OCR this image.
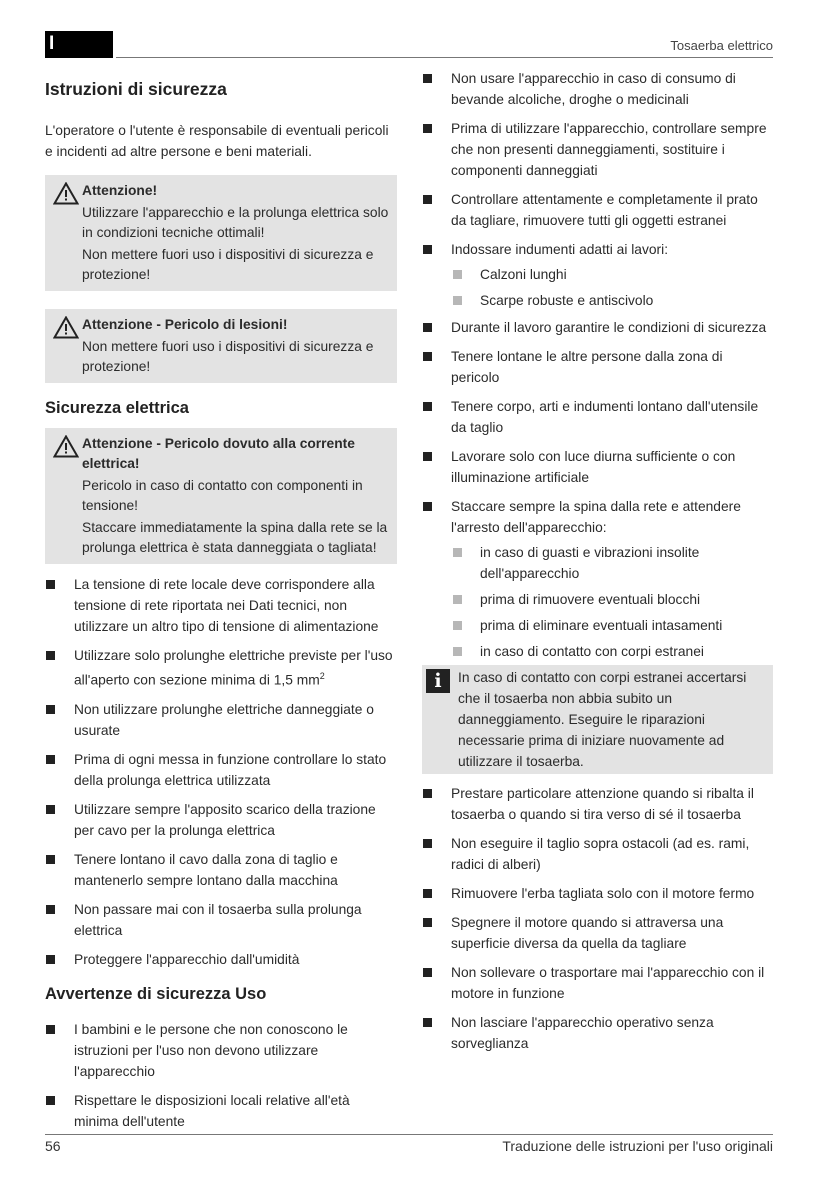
I	Tosaerba elettrico
Istruzioni di sicurezza

L'operatore o l'utente è responsabile di eventuali pericoli e incidenti ad altre persone e beni materiali.

Attenzione!
Utilizzare l'apparecchio e la prolunga elettrica solo in condizioni tecniche ottimali!
Non mettere fuori uso i dispositivi di sicurezza e protezione!
Attenzione - Pericolo di lesioni!
Non mettere fuori uso i dispositivi di sicurezza e protezione!
Sicurezza elettrica
Attenzione - Pericolo dovuto alla corrente elettrica!
Pericolo in caso di contatto con componenti in tensione!
Staccare immediatamente la spina dalla rete se la prolunga elettrica è stata danneggiata o tagliata!
La tensione di rete locale deve corrispondere alla tensione di rete riportata nei Dati tecnici, non utilizzare un altro tipo di tensione di alimentazione
Utilizzare solo prolunghe elettriche previste per l'uso all'aperto con sezione minima di 1,5 $mm^2$
Non utilizzare prolunghe elettriche danneggiate o usurate
Prima di ogni messa in funzione controllare lo stato della prolunga elettrica utilizzata
Utilizzare sempre l'apposito scarico della trazione per cavo per la prolunga elettrica
Tenere lontano il cavo dalla zona di taglio e mantenerlo sempre lontano dalla macchina
Non passare mai con il tosaerba sulla prolunga elettrica
Proteggere l'apparecchio dall'umidità
Avvertenze di sicurezza Uso
I bambini e le persone che non conoscono le istruzioni per l'uso non devono utilizzare l'apparecchio
Rispettare le disposizioni locali relative all'età minima dell'utente
Non usare l'apparecchio in caso di consumo di bevande alcoliche, droghe o medicinali
Prima di utilizzare l'apparecchio, controllare sempre che non presenti danneggiamenti, sostituire i componenti danneggiati
Controllare attentamente e completamente il prato da tagliare, rimuovere tutti gli oggetti estranei
Indossare indumenti adatti ai lavori:
Calzoni lunghi
Scarpe robuste e antiscivolo
Durante il lavoro garantire le condizioni di sicurezza
Tenere lontane le altre persone dalla zona di pericolo
Tenere corpo, arti e indumenti lontano dall'utensile da taglio
Lavorare solo con luce diurna sufficiente o con illuminazione artificiale
Staccare sempre la spina dalla rete e attendere l'arresto dell'apparecchio:
in caso di guasti e vibrazioni insolite dell'apparecchio
prima di rimuovere eventuali blocchi
prima di eliminare eventuali intasamenti
in caso di contatto con corpi estranei
i	In caso di contatto con corpi estranei accertarsi che il tosaerba non abbia subito un danneggiamento. Eseguire le riparazioni necessarie prima di iniziare nuovamente ad utilizzare il tosaerba.
Prestare particolare attenzione quando si ribalta il tosaerba o quando si tira verso di sé il tosaerba
Non eseguire il taglio sopra ostacoli (ad es. rami, radici di alberi)
Rimuovere l'erba tagliata solo con il motore fermo
Spegnere il motore quando si attraversa una superficie diversa da quella da tagliare
Non sollevare o trasportare mai l'apparecchio con il motore in funzione
Non lasciare l'apparecchio operativo senza sorveglianza
56	Traduzione delle istruzioni per l'uso originali
